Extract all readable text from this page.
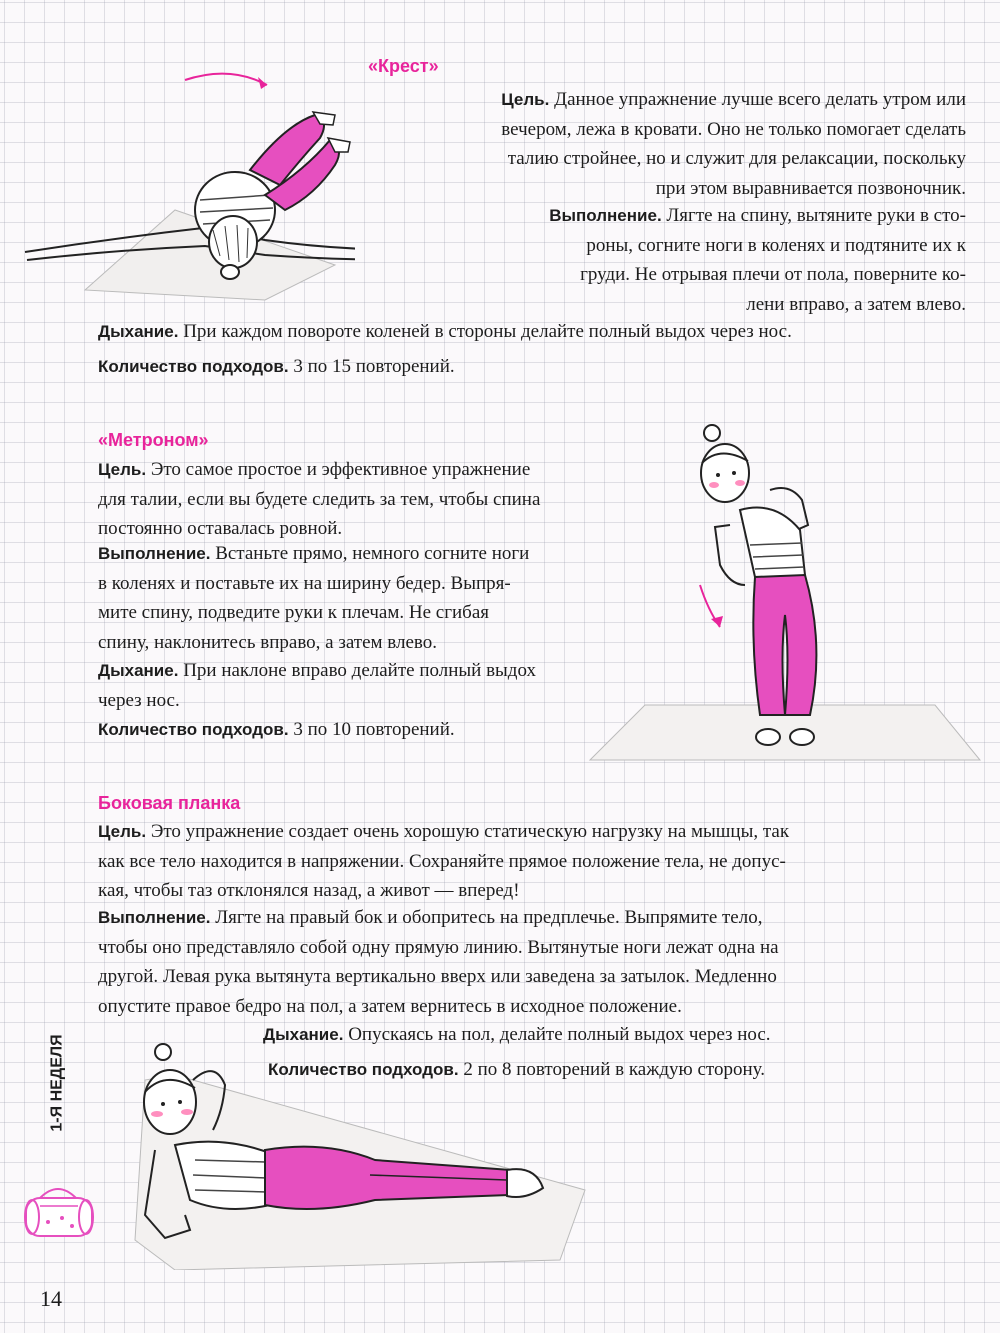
«Крест»
Цель. Данное упражнение лучше всего делать утром или
вечером, лежа в кровати. Оно не только помогает сделать
талию стройнее, но и служит для релаксации, поскольку
при этом выравнивается позвоночник.
Выполнение. Лягте на спину, вытяните руки в сто-
роны, согните ноги в коленях и подтяните их к
груди. Не отрывая плечи от пола, поверните ко-
лени вправо, а затем влево.

Дыхание. При каждом повороте коленей в стороны делайте полный выдох через нос.

Количество подходов. 3 по 15 повторений.

«Метроном»
Цель. Это самое простое и эффективное упражнение
для талии, если вы будете следить за тем, чтобы спина
постоянно оставалась ровной.
Выполнение. Встаньте прямо, немного согните ноги
в коленях и поставьте их на ширину бедер. Выпря-
мите спину, подведите руки к плечам. Не сгибая
спину, наклонитесь вправо, а затем влево.
Дыхание. При наклоне вправо делайте полный выдох
через нос.

Количество подходов. 3 по 10 повторений.

Боковая планка
Цель. Это упражнение создает очень хорошую статическую нагрузку на мышцы, так
как все тело находится в напряжении. Сохраняйте прямое положение тела, не допус-
кая, чтобы таз отклонялся назад, а живот — вперед!
Выполнение. Лягте на правый бок и обопритесь на предплечье. Выпрямите тело,
чтобы оно представляло собой одну прямую линию. Вытянутые ноги лежат одна на
другой. Левая рука вытянута вертикально вверх или заведена за затылок. Медленно
опустите правое бедро на пол, а затем вернитесь в исходное положение.

Дыхание. Опускаясь на пол, делайте полный выдох через нос.

Количество подходов. 2 по 8 повторений в каждую сторону.

1-Я НЕДЕЛЯ
14
